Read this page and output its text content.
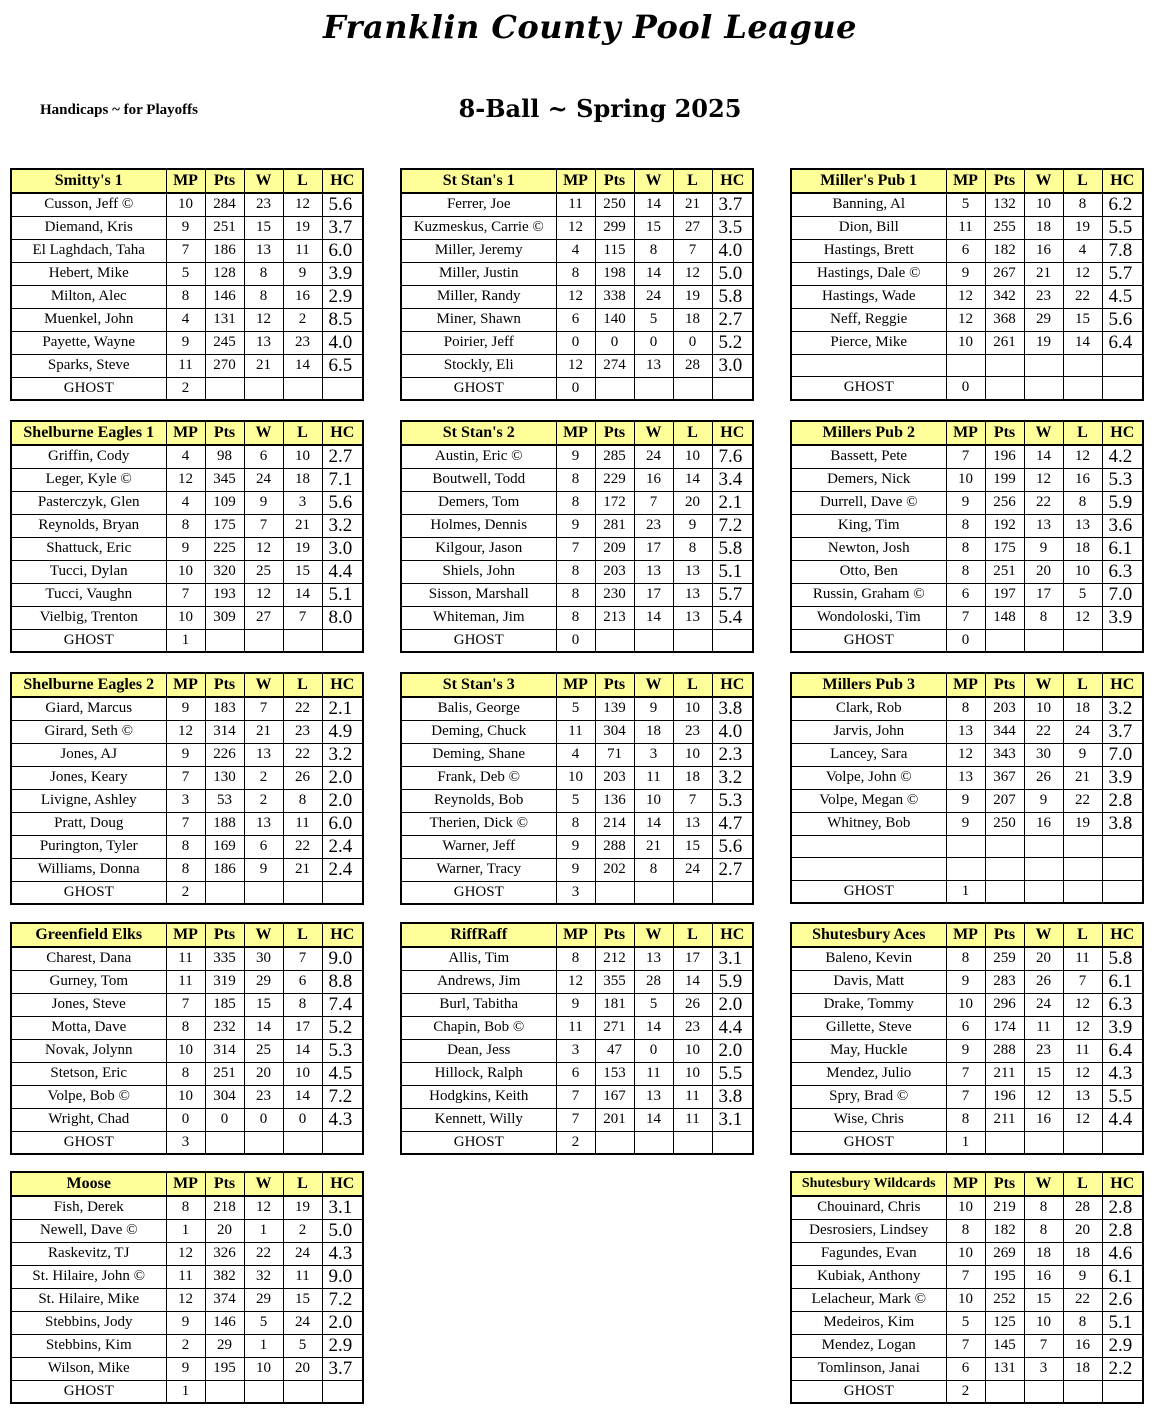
Franklin County Pool League
Handicaps ~ for Playoffs	8-Ball ~ Spring 2025
Smitty's 1	MP	Pts	W	L	HC
Cusson, Jeff ©	10	284	23	12	5.6
Diemand, Kris	9	251	15	19	3.7
El Laghdach, Taha	7	186	13	11	6.0
Hebert, Mike	5	128	8	9	3.9
Milton, Alec	8	146	8	16	2.9
Muenkel, John	4	131	12	2	8.5
Payette, Wayne	9	245	13	23	4.0
Sparks, Steve	11	270	21	14	6.5
GHOST	2				
St Stan's 1	MP	Pts	W	L	HC
Ferrer, Joe	11	250	14	21	3.7
Kuzmeskus, Carrie ©	12	299	15	27	3.5
Miller, Jeremy	4	115	8	7	4.0
Miller, Justin	8	198	14	12	5.0
Miller, Randy	12	338	24	19	5.8
Miner, Shawn	6	140	5	18	2.7
Poirier, Jeff	0	0	0	0	5.2
Stockly, Eli	12	274	13	28	3.0
GHOST	0				
Miller's Pub 1	MP	Pts	W	L	HC
Banning, Al	5	132	10	8	6.2
Dion, Bill	11	255	18	19	5.5
Hastings, Brett	6	182	16	4	7.8
Hastings, Dale ©	9	267	21	12	5.7
Hastings, Wade	12	342	23	22	4.5
Neff, Reggie	12	368	29	15	5.6
Pierce, Mike	10	261	19	14	6.4

GHOST	0				
Shelburne Eagles 1	MP	Pts	W	L	HC
Griffin, Cody	4	98	6	10	2.7
Leger, Kyle ©	12	345	24	18	7.1
Pasterczyk, Glen	4	109	9	3	5.6
Reynolds, Bryan	8	175	7	21	3.2
Shattuck, Eric	9	225	12	19	3.0
Tucci, Dylan	10	320	25	15	4.4
Tucci, Vaughn	7	193	12	14	5.1
Vielbig, Trenton	10	309	27	7	8.0
GHOST	1				
St Stan's 2	MP	Pts	W	L	HC
Austin, Eric ©	9	285	24	10	7.6
Boutwell, Todd	8	229	16	14	3.4
Demers, Tom	8	172	7	20	2.1
Holmes, Dennis	9	281	23	9	7.2
Kilgour, Jason	7	209	17	8	5.8
Shiels, John	8	203	13	13	5.1
Sisson, Marshall	8	230	17	13	5.7
Whiteman, Jim	8	213	14	13	5.4
GHOST	0				
Millers Pub 2	MP	Pts	W	L	HC
Bassett, Pete	7	196	14	12	4.2
Demers, Nick	10	199	12	16	5.3
Durrell, Dave ©	9	256	22	8	5.9
King, Tim	8	192	13	13	3.6
Newton, Josh	8	175	9	18	6.1
Otto, Ben	8	251	20	10	6.3
Russin, Graham ©	6	197	17	5	7.0
Wondoloski, Tim	7	148	8	12	3.9
GHOST	0				
Shelburne Eagles 2	MP	Pts	W	L	HC
Giard, Marcus	9	183	7	22	2.1
Girard, Seth ©	12	314	21	23	4.9
Jones, AJ	9	226	13	22	3.2
Jones, Keary	7	130	2	26	2.0
Livigne, Ashley	3	53	2	8	2.0
Pratt, Doug	7	188	13	11	6.0
Purington, Tyler	8	169	6	22	2.4
Williams, Donna	8	186	9	21	2.4
GHOST	2				
St Stan's 3	MP	Pts	W	L	HC
Balis, George	5	139	9	10	3.8
Deming, Chuck	11	304	18	23	4.0
Deming, Shane	4	71	3	10	2.3
Frank, Deb ©	10	203	11	18	3.2
Reynolds, Bob	5	136	10	7	5.3
Therien, Dick ©	8	214	14	13	4.7
Warner, Jeff	9	288	21	15	5.6
Warner, Tracy	9	202	8	24	2.7
GHOST	3				
Millers Pub 3	MP	Pts	W	L	HC
Clark, Rob	8	203	10	18	3.2
Jarvis, John	13	344	22	24	3.7
Lancey, Sara	12	343	30	9	7.0
Volpe, John ©	13	367	26	21	3.9
Volpe, Megan ©	9	207	9	22	2.8
Whitney, Bob	9	250	16	19	3.8

GHOST	1				
Greenfield Elks	MP	Pts	W	L	HC
Charest, Dana	11	335	30	7	9.0
Gurney, Tom	11	319	29	6	8.8
Jones, Steve	7	185	15	8	7.4
Motta, Dave	8	232	14	17	5.2
Novak, Jolynn	10	314	25	14	5.3
Stetson, Eric	8	251	20	10	4.5
Volpe, Bob ©	10	304	23	14	7.2
Wright, Chad	0	0	0	0	4.3
GHOST	3				
RiffRaff	MP	Pts	W	L	HC
Allis, Tim	8	212	13	17	3.1
Andrews, Jim	12	355	28	14	5.9
Burl, Tabitha	9	181	5	26	2.0
Chapin, Bob ©	11	271	14	23	4.4
Dean, Jess	3	47	0	10	2.0
Hillock, Ralph	6	153	11	10	5.5
Hodgkins, Keith	7	167	13	11	3.8
Kennett, Willy	7	201	14	11	3.1
GHOST	2				
Shutesbury Aces	MP	Pts	W	L	HC
Baleno, Kevin	8	259	20	11	5.8
Davis, Matt	9	283	26	7	6.1
Drake, Tommy	10	296	24	12	6.3
Gillette, Steve	6	174	11	12	3.9
May, Huckle	9	288	23	11	6.4
Mendez, Julio	7	211	15	12	4.3
Spry, Brad ©	7	196	12	13	5.5
Wise, Chris	8	211	16	12	4.4
GHOST	1				
Moose	MP	Pts	W	L	HC
Fish, Derek	8	218	12	19	3.1
Newell, Dave ©	1	20	1	2	5.0
Raskevitz, TJ	12	326	22	24	4.3
St. Hilaire, John ©	11	382	32	11	9.0
St. Hilaire, Mike	12	374	29	15	7.2
Stebbins, Jody	9	146	5	24	2.0
Stebbins, Kim	2	29	1	5	2.9
Wilson, Mike	9	195	10	20	3.7
GHOST	1				
Shutesbury Wildcards	MP	Pts	W	L	HC
Chouinard, Chris	10	219	8	28	2.8
Desrosiers, Lindsey	8	182	8	20	2.8
Fagundes, Evan	10	269	18	18	4.6
Kubiak, Anthony	7	195	16	9	6.1
Lelacheur, Mark ©	10	252	15	22	2.6
Medeiros, Kim	5	125	10	8	5.1
Mendez, Logan	7	145	7	16	2.9
Tomlinson, Janai	6	131	3	18	2.2
GHOST	2				
